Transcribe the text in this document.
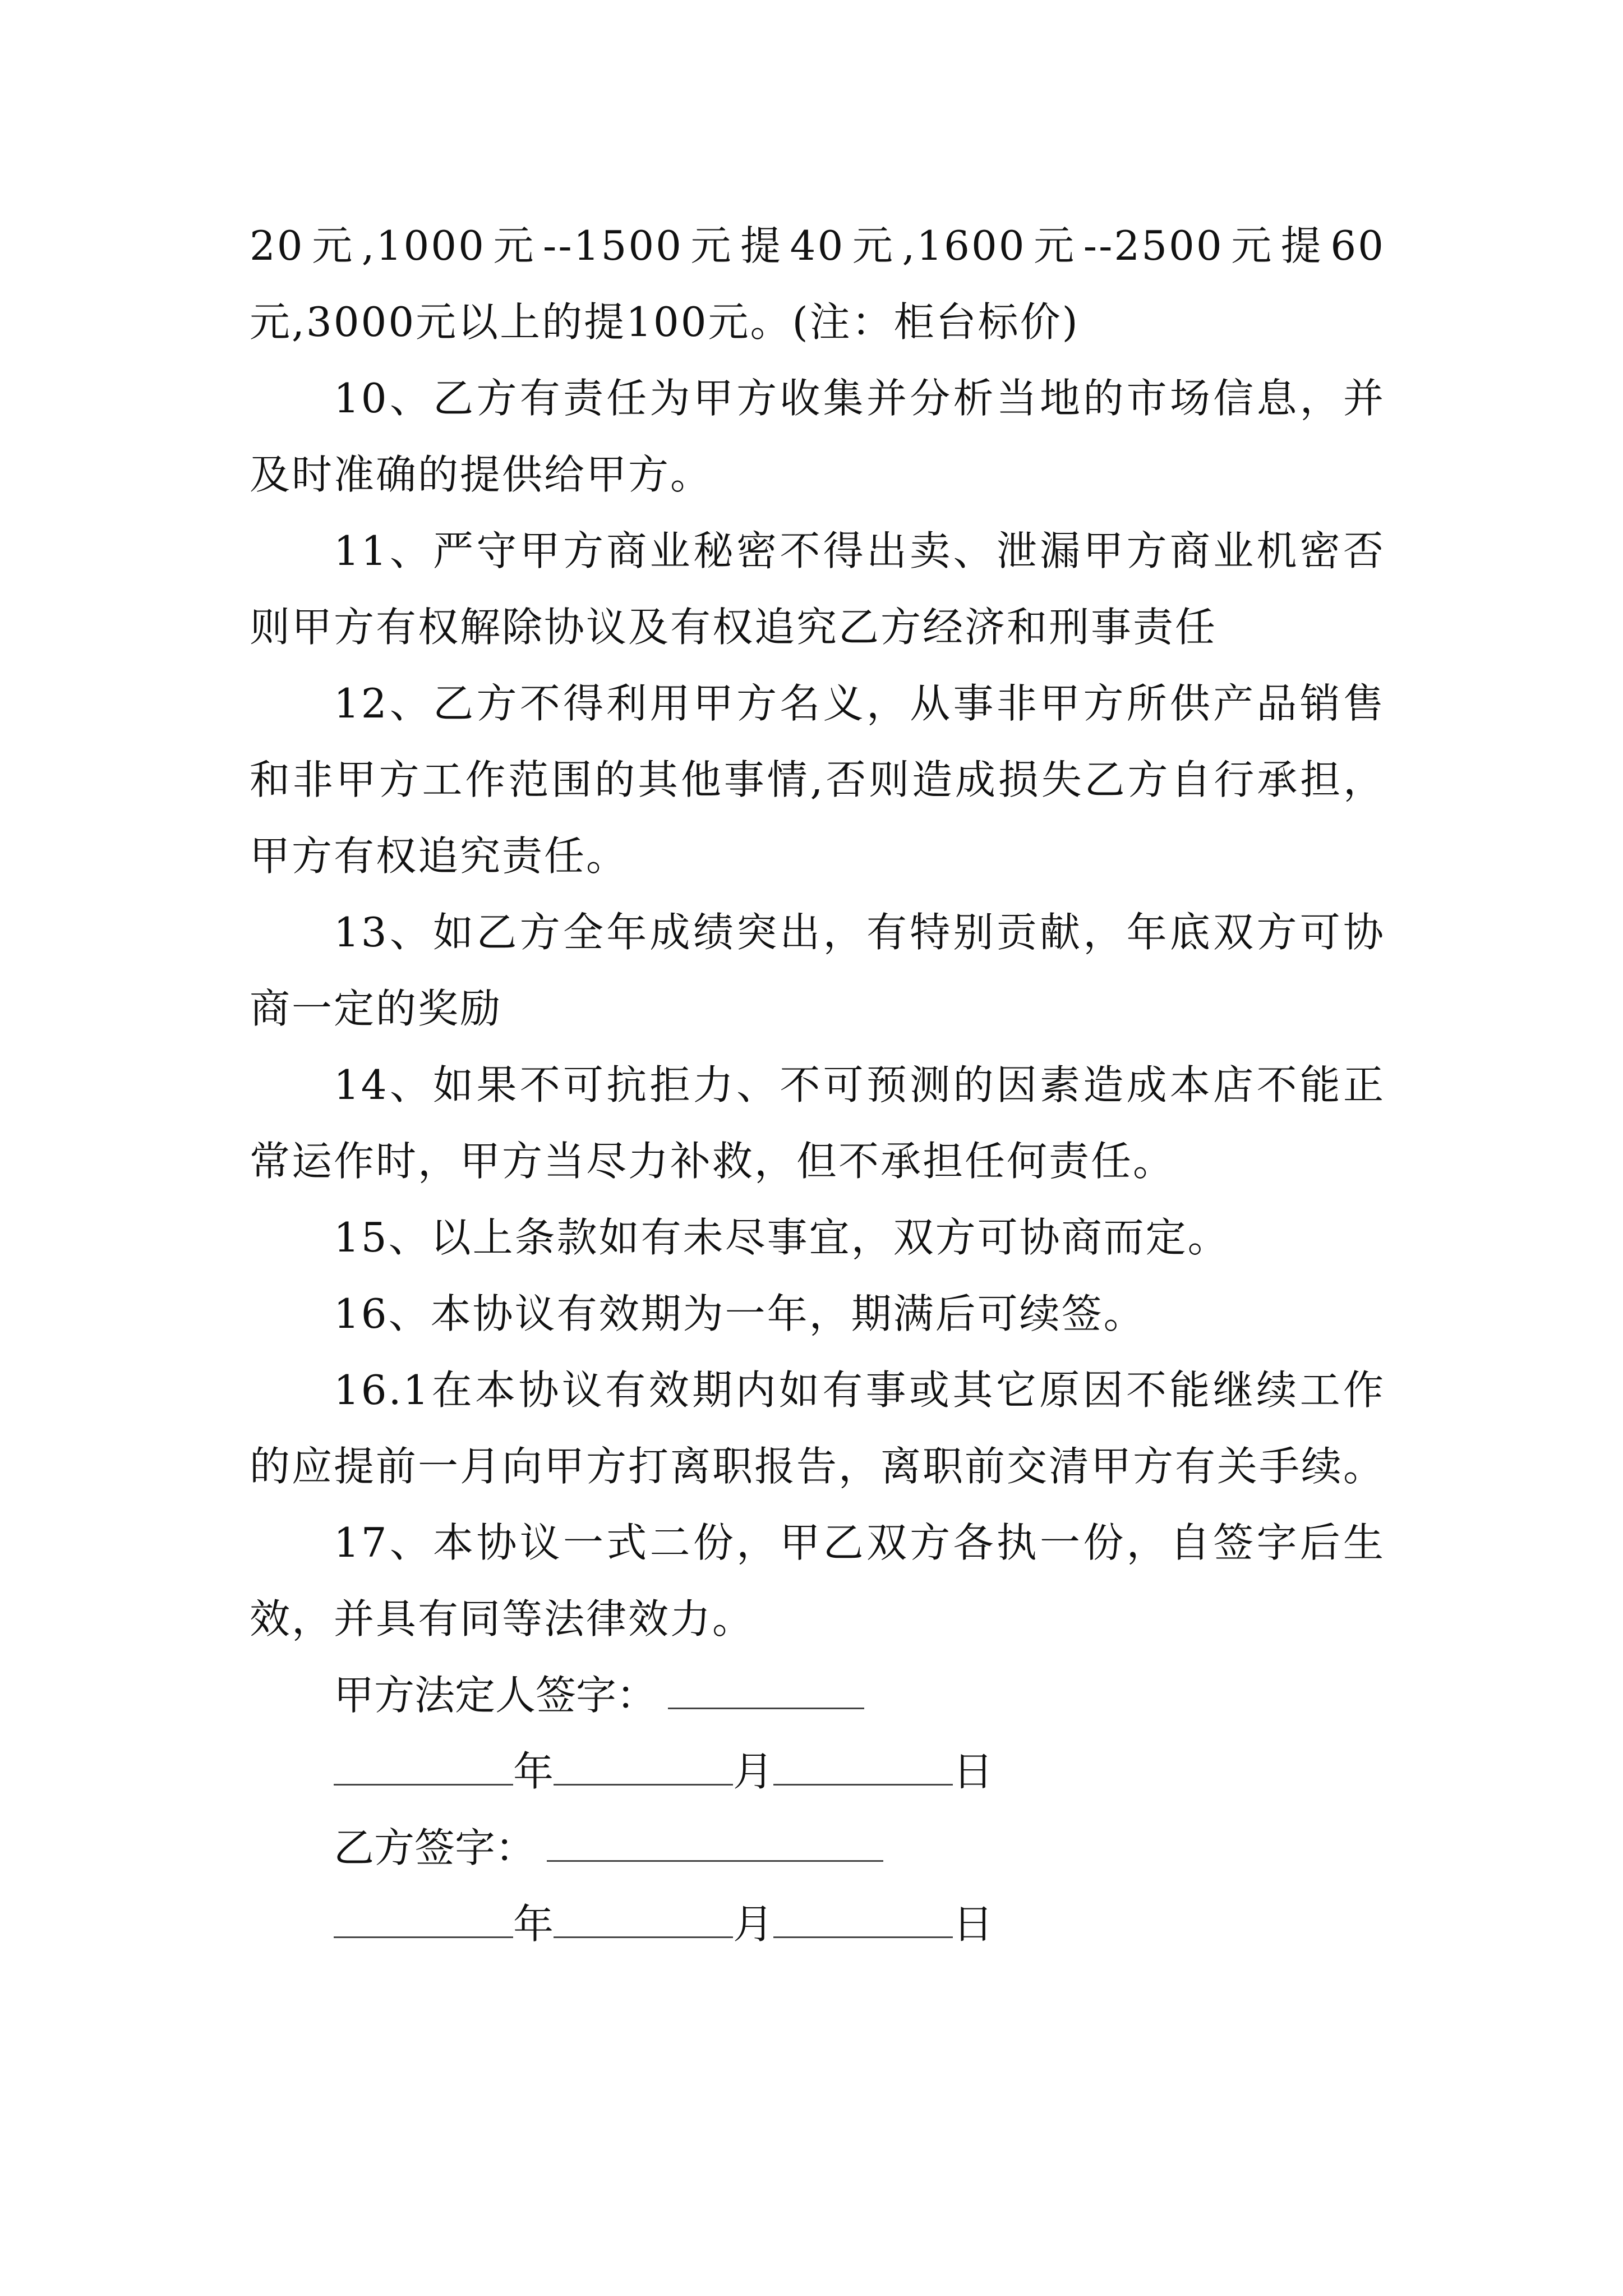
20元,1000元--1500元提40元,1600元--2500元提60元,3000元以上的提100元。(注：柜台标价)

10、乙方有责任为甲方收集并分析当地的市场信息，并及时准确的提供给甲方。

11、严守甲方商业秘密不得出卖、泄漏甲方商业机密否则甲方有权解除协议及有权追究乙方经济和刑事责任

12、乙方不得利用甲方名义，从事非甲方所供产品销售和非甲方工作范围的其他事情,否则造成损失乙方自行承担，甲方有权追究责任。

13、如乙方全年成绩突出，有特别贡献，年底双方可协商一定的奖励

14、如果不可抗拒力、不可预测的因素造成本店不能正常运作时，甲方当尽力补救，但不承担任何责任。

15、以上条款如有未尽事宜，双方可协商而定。

16、本协议有效期为一年，期满后可续签。

16.1在本协议有效期内如有事或其它原因不能继续工作的应提前一月向甲方打离职报告，离职前交清甲方有关手续。

17、本协议一式二份，甲乙双方各执一份，自签字后生效，并具有同等法律效力。

甲方法定人签字：

年	月	日

乙方签字：

年	月	日
